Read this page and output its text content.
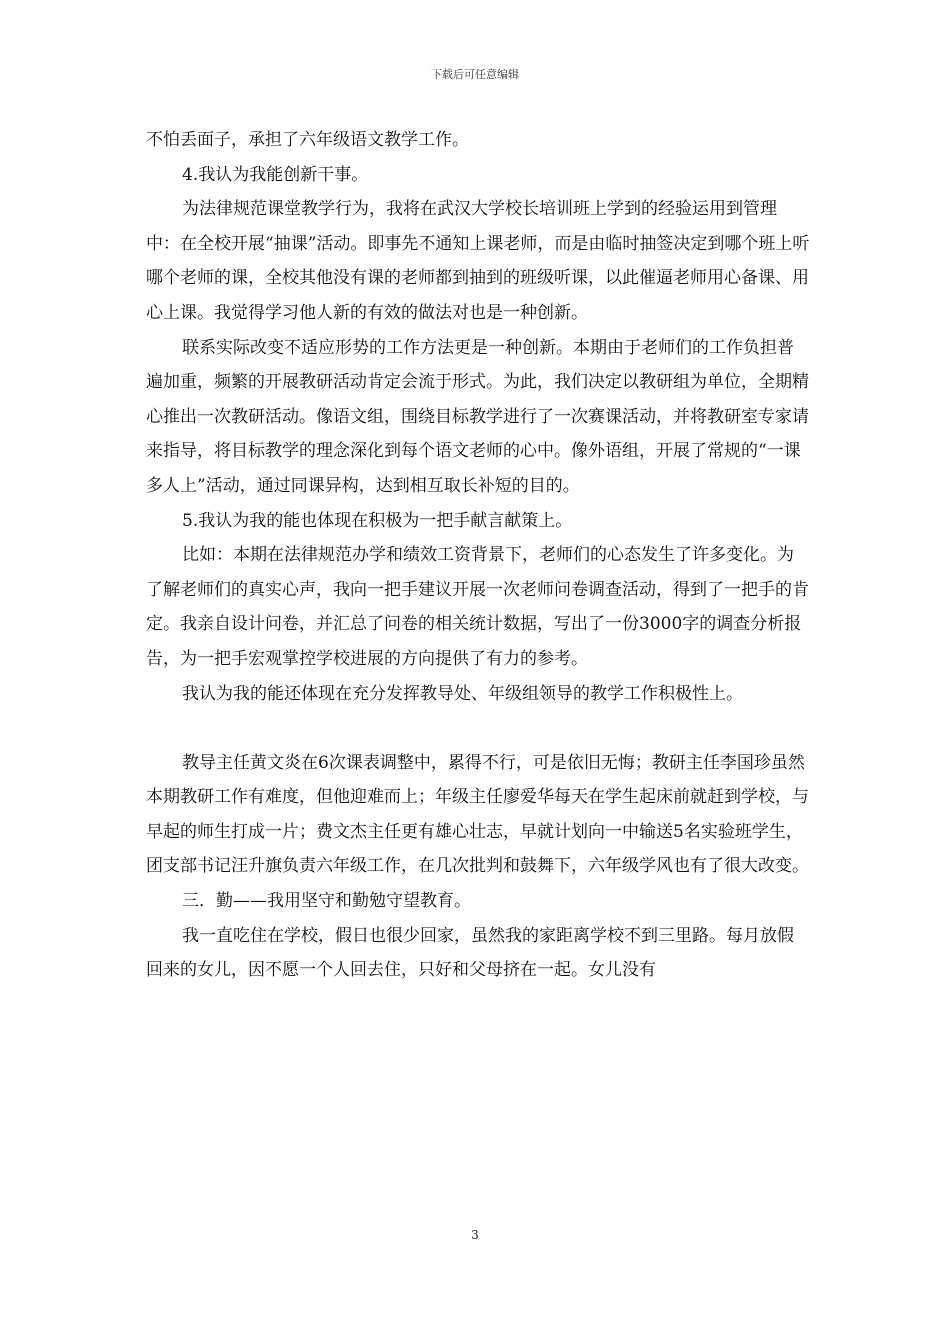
下载后可任意编辑

不怕丢面子，承担了六年级语文教学工作。

4.我认为我能创新干事。

为法律规范课堂教学行为，我将在武汉大学校长培训班上学到的经验运用到管理中：在全校开展“抽课”活动。即事先不通知上课老师，而是由临时抽签决定到哪个班上听哪个老师的课，全校其他没有课的老师都到抽到的班级听课，以此催逼老师用心备课、用心上课。我觉得学习他人新的有效的做法对也是一种创新。

联系实际改变不适应形势的工作方法更是一种创新。本期由于老师们的工作负担普遍加重，频繁的开展教研活动肯定会流于形式。为此，我们决定以教研组为单位，全期精心推出一次教研活动。像语文组，围绕目标教学进行了一次赛课活动，并将教研室专家请来指导，将目标教学的理念深化到每个语文老师的心中。像外语组，开展了常规的“一课多人上”活动，通过同课异构，达到相互取长补短的目的。

5.我认为我的能也体现在积极为一把手献言献策上。

比如：本期在法律规范办学和绩效工资背景下，老师们的心态发生了许多变化。为了解老师们的真实心声，我向一把手建议开展一次老师问卷调查活动，得到了一把手的肯定。我亲自设计问卷，并汇总了问卷的相关统计数据，写出了一份3000字的调查分析报告，为一把手宏观掌控学校进展的方向提供了有力的参考。

我认为我的能还体现在充分发挥教导处、年级组领导的教学工作积极性上。

教导主任黄文炎在6次课表调整中，累得不行，可是依旧无悔；教研主任李国珍虽然本期教研工作有难度，但他迎难而上；年级主任廖爱华每天在学生起床前就赶到学校，与早起的师生打成一片；费文杰主任更有雄心壮志，早就计划向一中输送5名实验班学生，团支部书记汪升旗负责六年级工作，在几次批判和鼓舞下，六年级学风也有了很大改变。

三．勤——我用坚守和勤勉守望教育。

我一直吃住在学校，假日也很少回家，虽然我的家距离学校不到三里路。每月放假回来的女儿，因不愿一个人回去住，只好和父母挤在一起。女儿没有

3
